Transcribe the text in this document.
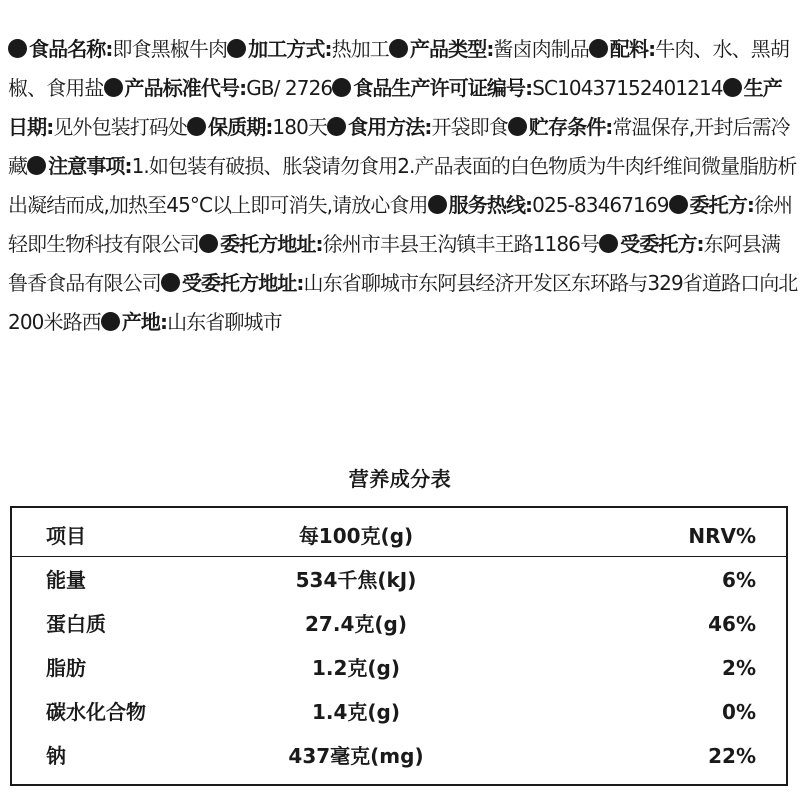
食品名称:即食黑椒牛肉 加工方式:热加工 产品类型:酱卤肉制品 配料:牛肉、水、黑胡椒、食用盐 产品标准代号:GB/ 2726 食品生产许可证编号:SC10437152401214 生产日期:见外包装打码处 保质期:180天 食用方法:开袋即食 贮存条件:常温保存,开封后需冷藏 注意事项:1.如包装有破损、胀袋请勿食用2.产品表面的白色物质为牛肉纤维间微量脂肪析出凝结而成,加热至45°C以上即可消失,请放心食用 服务热线:025-83467169 委托方:徐州轻即生物科技有限公司 委托方地址:徐州市丰县王沟镇丰王路1186号 受委托方:东阿县满鲁香食品有限公司 受委托方地址:山东省聊城市东阿县经济开发区东环路与329省道路口向北200米路西 产地:山东省聊城市
营养成分表
项目	每100克(g)	NRV%
能量	534千焦(kJ)	6%
蛋白质	27.4克(g)	46%
脂肪	1.2克(g)	2%
碳水化合物	1.4克(g)	0%
钠	437毫克(mg)	22%
